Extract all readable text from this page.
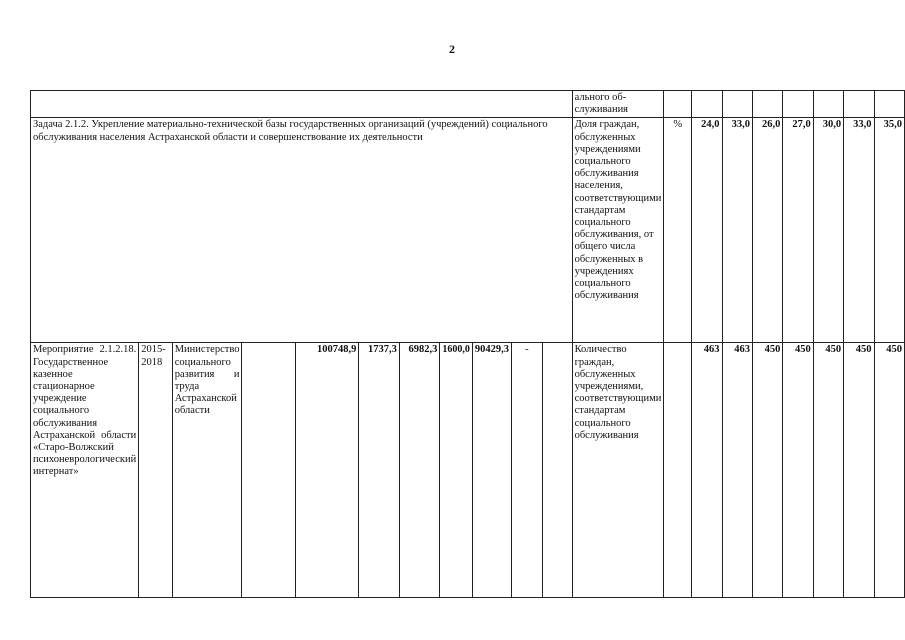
2
											ального об-
служивания								
Задача 2.1.2. Укрепление материально-технической базы государственных организаций (учреждений) социального обслуживания населения Астраханской области и совершенствование их деятельности											Доля граждан, обслуженных учреждениями социального обслуживания населения, соответствующими стандартам социального обслуживания, от общего числа обслуженных в учреждениях социального обслуживания	%	24,0	33,0	26,0	27,0	30,0	33,0	35,0
Мероприятие 2.1.2.18. Государственное казенное стационарное учреждение социального обслуживания Астраханской области «Старо-Волжский психоневрологический интернат»	2015-2018	Министерство социального развития и труда Астраханской области		100748,9	1737,3	6982,3	1600,0	90429,3	-		Количество граждан, обслуженных учреждениями, соответствующими стандартам социального обслуживания		463	463	450	450	450	450	450
